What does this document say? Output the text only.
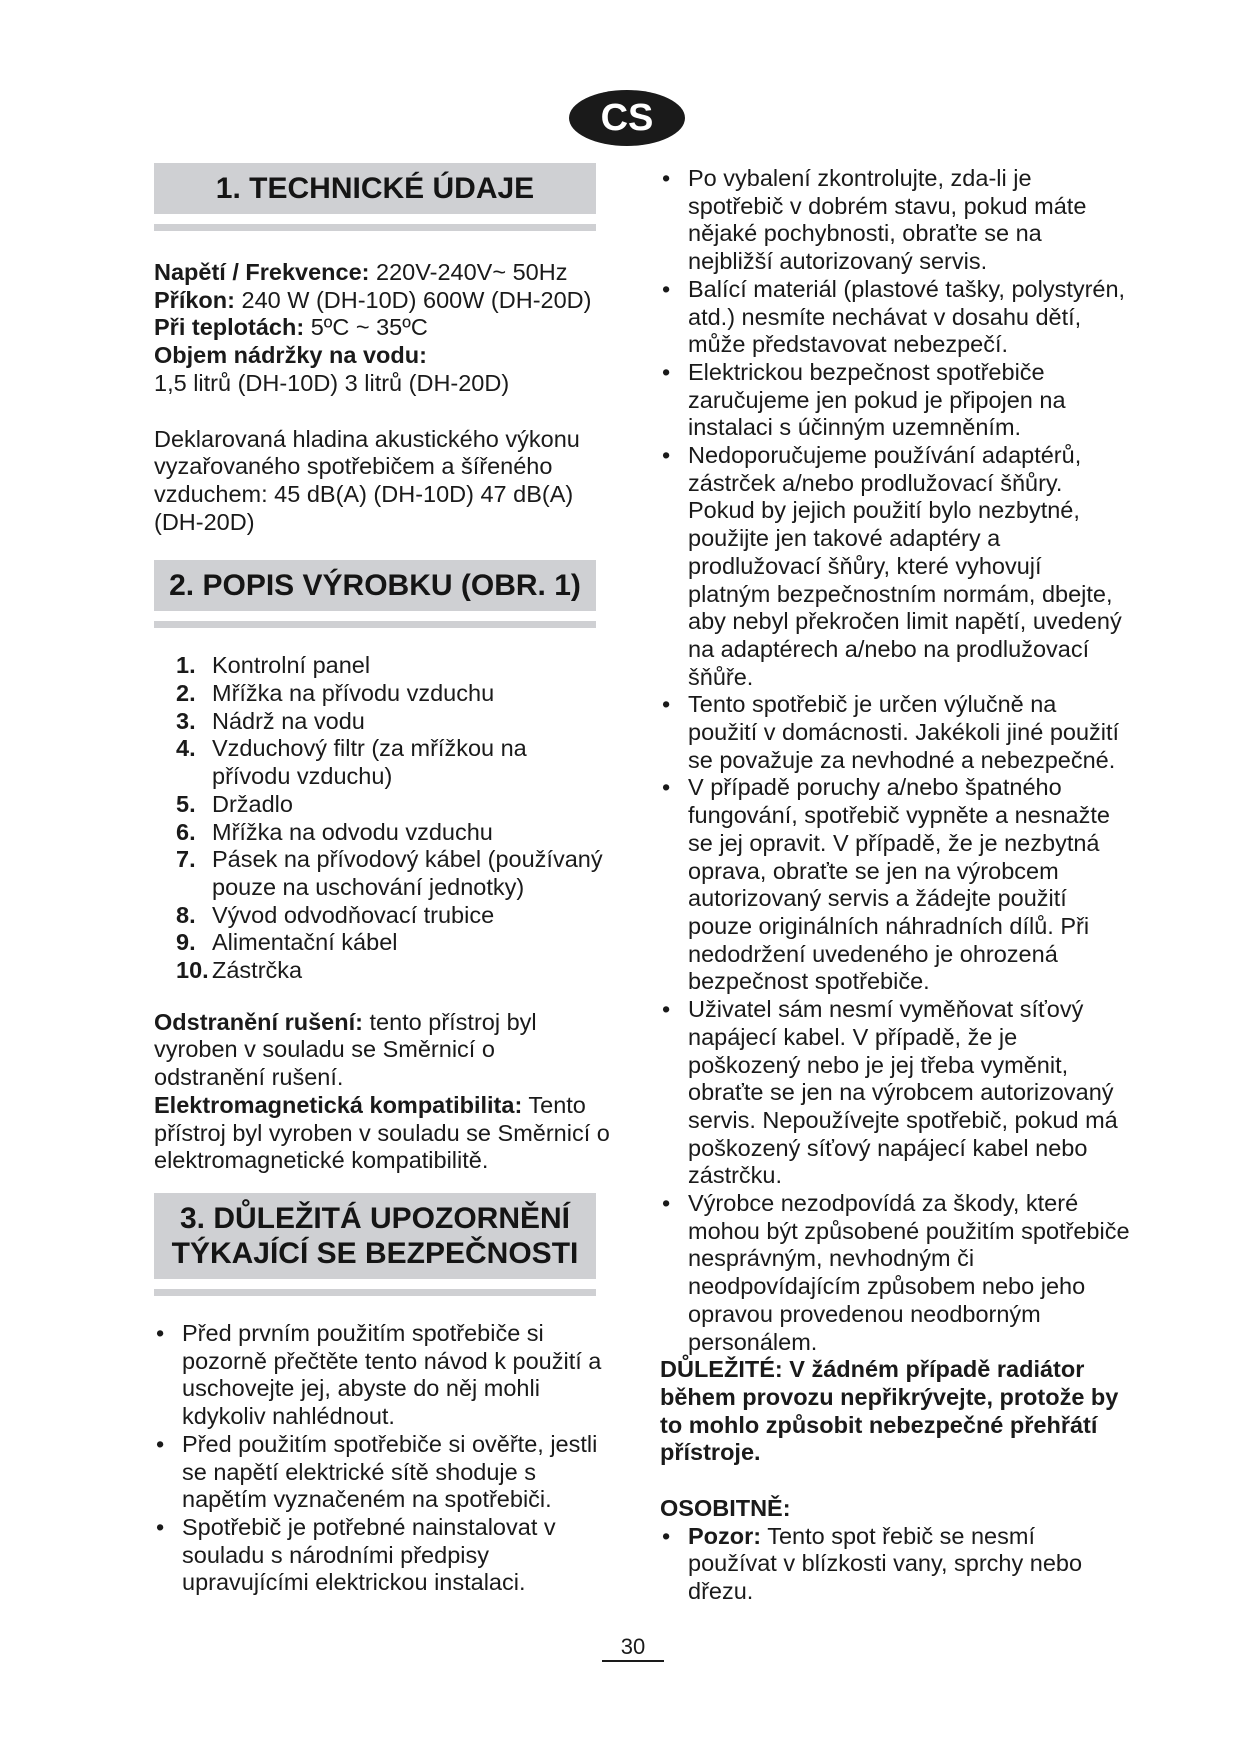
CS
1. TECHNICKÉ ÚDAJE

Napětí / Frekvence: 220V-240V~ 50Hz

Příkon: 240 W (DH-10D) 600W (DH-20D)

Při teplotách: 5ºC ~ 35ºC

Objem nádržky na vodu:

1,5 litrů (DH-10D) 3 litrů (DH-20D)

Deklarovaná hladina akustického výkonu vyzařovaného spotřebičem a šířeného vzduchem: 45 dB(A) (DH-10D) 47 dB(A) (DH-20D)

2. POPIS VÝROBKU (OBR. 1)
1. Kontrolní panel
2. Mřížka na přívodu vzduchu
3. Nádrž na vodu
4. Vzduchový filtr (za mřížkou na přívodu vzduchu)
5. Držadlo
6. Mřížka na odvodu vzduchu
7. Pásek na přívodový kábel (používaný pouze na uschování jednotky)
8. Vývod odvodňovací trubice
9. Alimentační kábel
10. Zástrčka

Odstranění rušení: tento přístroj byl vyroben v souladu se Směrnicí o odstranění rušení.

Elektromagnetická kompatibilita: Tento přístroj byl vyroben v souladu se Směrnicí o elektromagnetické kompatibilitě.

3. DŮLEŽITÁ UPOZORNĚNÍ
TÝKAJÍCÍ SE BEZPEČNOSTI
• Před prvním použitím spotřebiče si pozorně přečtěte tento návod k použití a uschovejte jej, abyste do něj mohli kdykoliv nahlédnout.
• Před použitím spotřebiče si ověřte, jestli se napětí elektrické sítě shoduje s napětím vyznačeném na spotřebiči.
• Spotřebič je potřebné nainstalovat v souladu s národními předpisy upravujícími elektrickou instalaci.
• Po vybalení zkontrolujte, zda-li je spotřebič v dobrém stavu, pokud máte nějaké pochybnosti, obraťte se na nejbližší autorizovaný servis.
• Balící materiál (plastové tašky, polystyrén, atd.) nesmíte nechávat v dosahu dětí, může představovat nebezpečí.
• Elektrickou bezpečnost spotřebiče zaručujeme jen pokud je připojen na instalaci s účinným uzemněním.
• Nedoporučujeme používání adaptérů, zástrček a/nebo prodlužovací šňůry. Pokud by jejich použití bylo nezbytné, použijte jen takové adaptéry a prodlužovací šňůry, které vyhovují platným bezpečnostním normám, dbejte, aby nebyl překročen limit napětí, uvedený na adaptérech a/nebo na prodlužovací šňůře.
• Tento spotřebič je určen výlučně na použití v domácnosti. Jakékoli jiné použití se považuje za nevhodné a nebezpečné.
• V případě poruchy a/nebo špatného fungování, spotřebič vypněte a nesnažte se jej opravit. V případě, že je nezbytná oprava, obraťte se jen na výrobcem autorizovaný servis a žádejte použití pouze originálních náhradních dílů. Při nedodržení uvedeného je ohrozená bezpečnost spotřebiče.
• Uživatel sám nesmí vyměňovat síťový napájecí kabel. V případě, že je poškozený nebo je jej třeba vyměnit, obraťte se jen na výrobcem autorizovaný servis. Nepoužívejte spotřebič, pokud má poškozený síťový napájecí kabel nebo zástrčku.
• Výrobce nezodpovídá za škody, které mohou být způsobené použitím spotřebiče nesprávným, nevhodným či neodpovídajícím způsobem nebo jeho opravou provedenou neodborným personálem.

DŮLEŽITÉ: V žádném případě radiátor během provozu nepřikrývejte, protože by to mohlo způsobit nebezpečné přehřátí přístroje.

OSOBITNĚ:

• Pozor: Tento spot řebič se nesmí používat v blízkosti vany, sprchy nebo dřezu.
30
